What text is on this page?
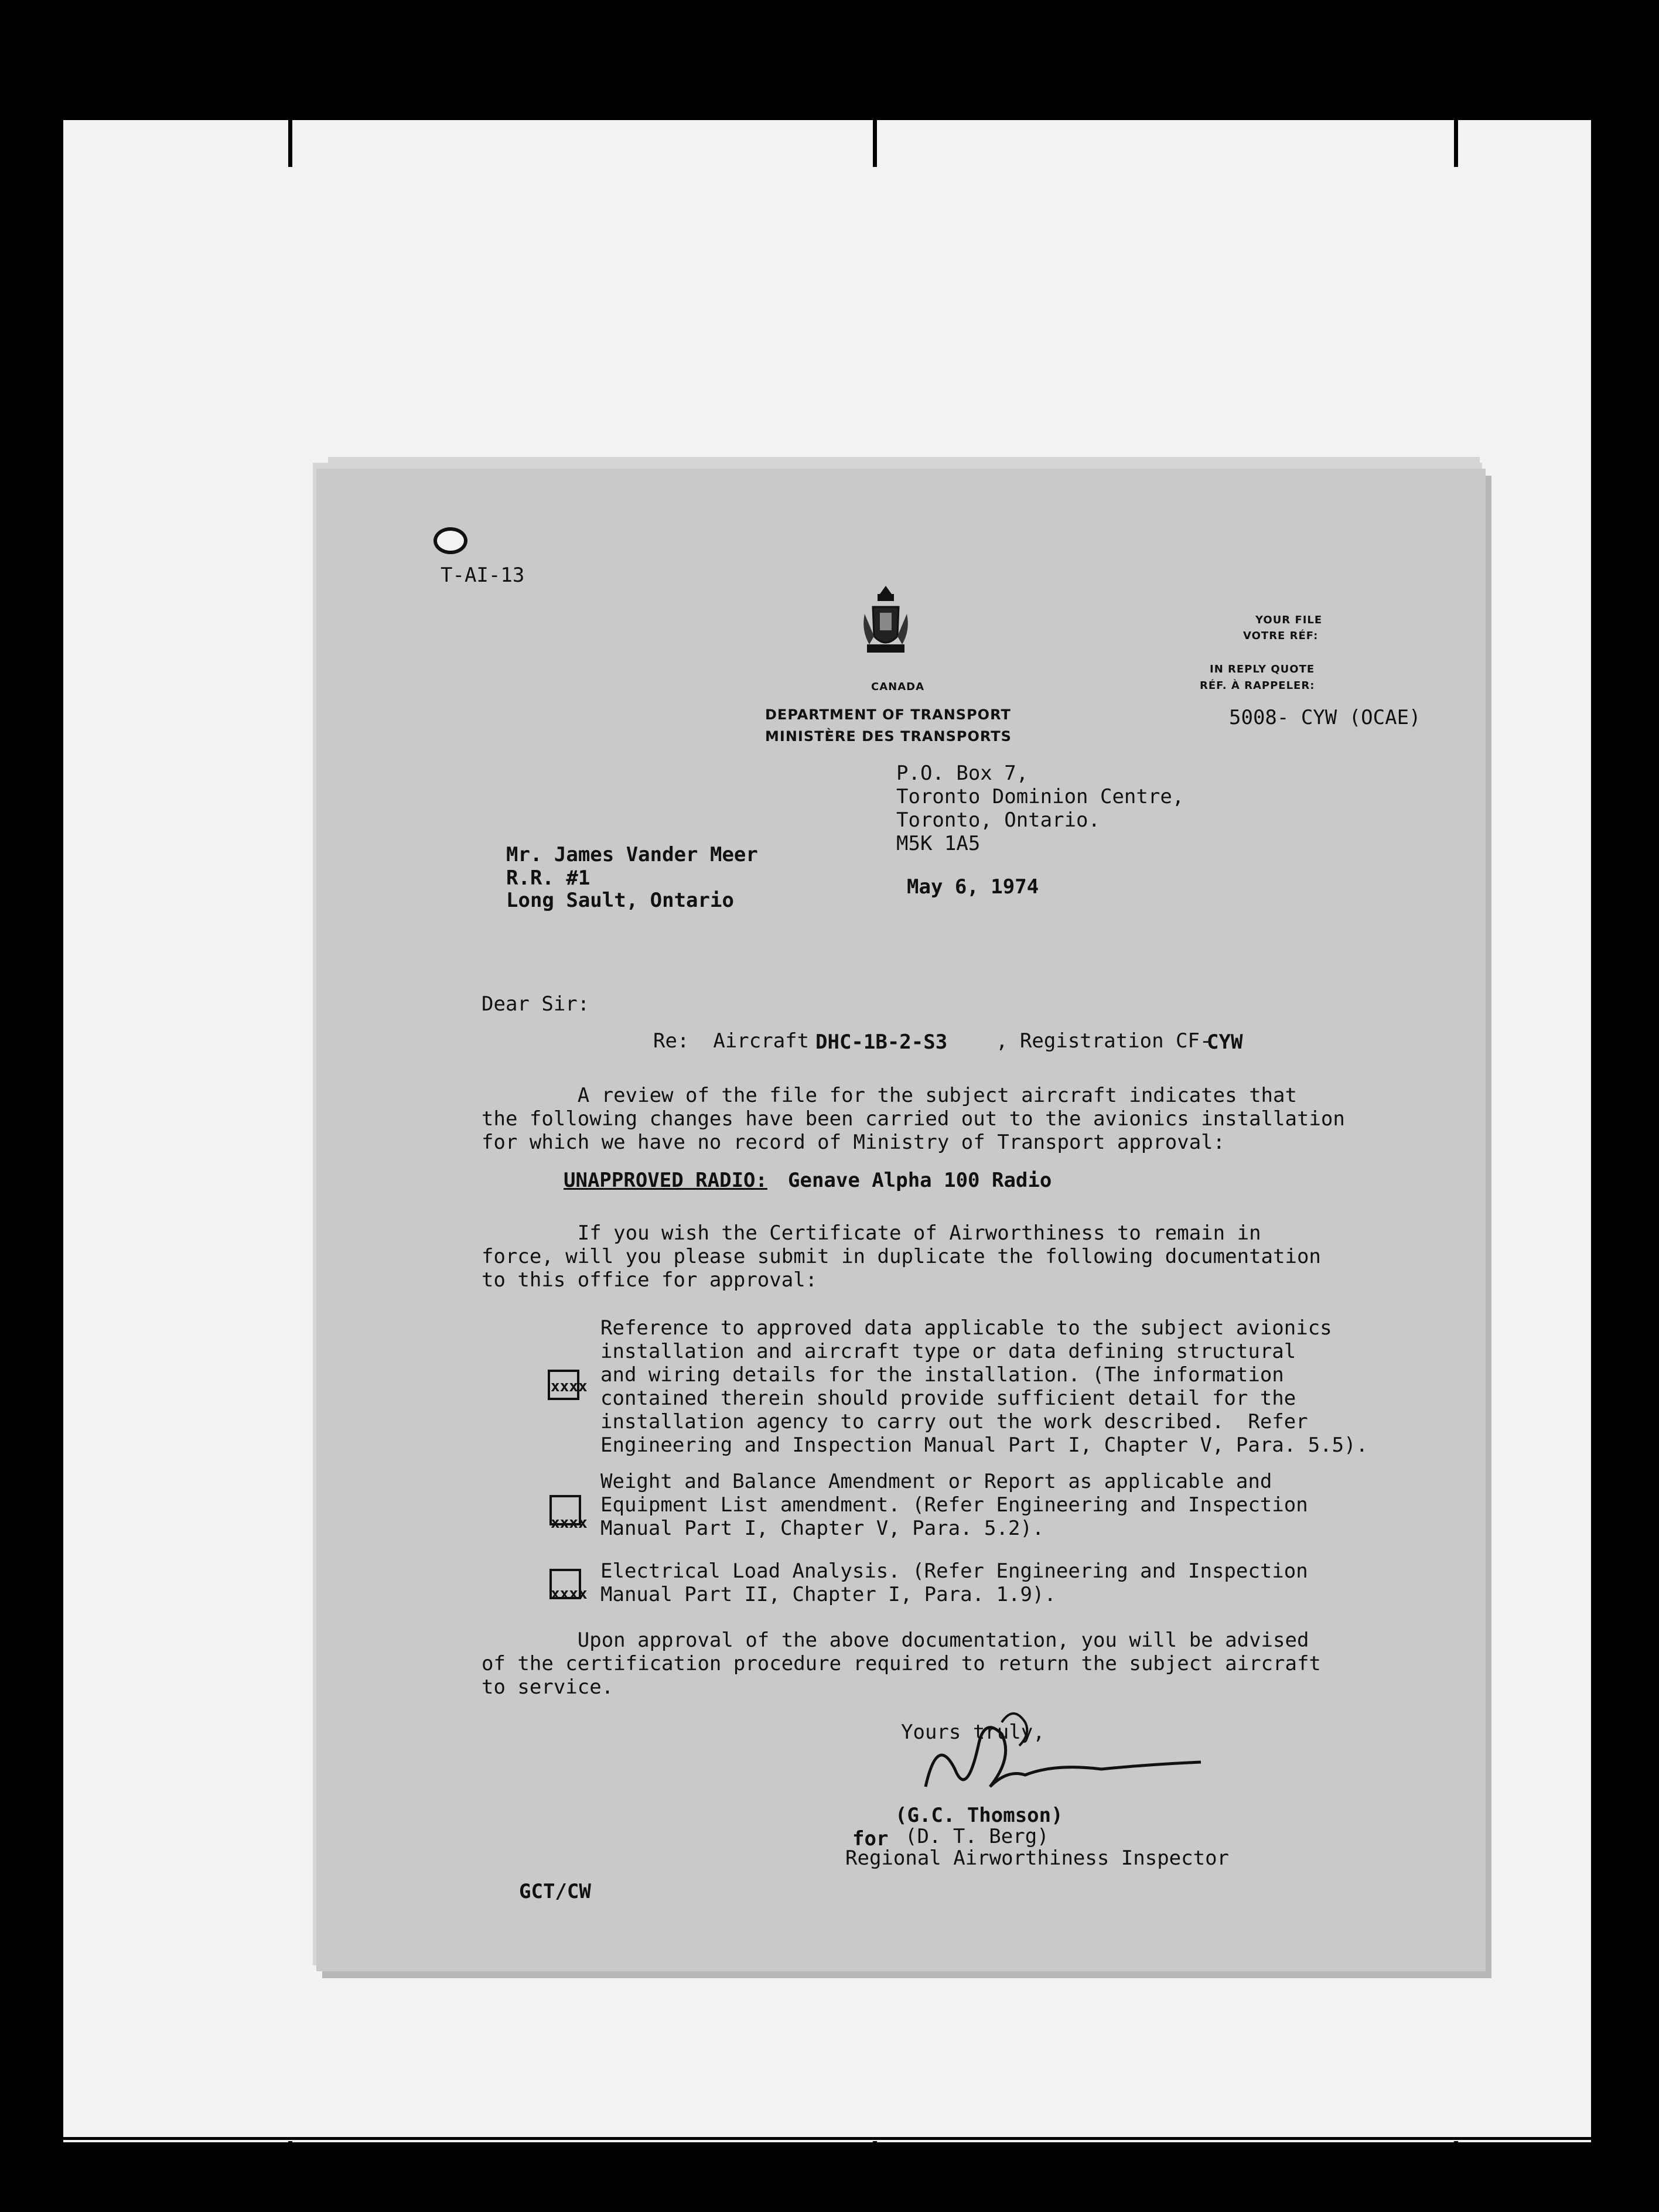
T-AI-13
CANADA
DEPARTMENT OF TRANSPORT
MINISTÈRE DES TRANSPORTS
YOUR FILE
VOTRE RÉF:
IN REPLY QUOTE
RÉF. À RAPPELER:
5008- CYW (OCAE)
P.O. Box 7,
Toronto Dominion Centre,
Toronto, Ontario.
M5K 1A5
May 6, 1974
Mr. James Vander Meer
R.R. #1
Long Sault, Ontario
Dear Sir:
Re:  Aircraft DHC-1B-2-S3 , Registration CF-
CYW
A review of the file for the subject aircraft indicates that
the following changes have been carried out to the avionics installation
for which we have no record of Ministry of Transport approval:
UNAPPROVED RADIO: Genave Alpha 100 Radio
If you wish the Certificate of Airworthiness to remain in
force, will you please submit in duplicate the following documentation
to this office for approval:
xxxx
Reference to approved data applicable to the subject avionics
installation and aircraft type or data defining structural
and wiring details for the installation. (The information
contained therein should provide sufficient detail for the
installation agency to carry out the work described.  Refer
Engineering and Inspection Manual Part I, Chapter V, Para. 5.5).
xxxx
Weight and Balance Amendment or Report as applicable and
Equipment List amendment. (Refer Engineering and Inspection
Manual Part I, Chapter V, Para. 5.2).
xxxx
Electrical Load Analysis. (Refer Engineering and Inspection
Manual Part II, Chapter I, Para. 1.9).
Upon approval of the above documentation, you will be advised
of the certification procedure required to return the subject aircraft
to service.
Yours truly,
(G.C. Thomson)
for (D. T. Berg)
Regional Airworthiness Inspector
GCT/CW
